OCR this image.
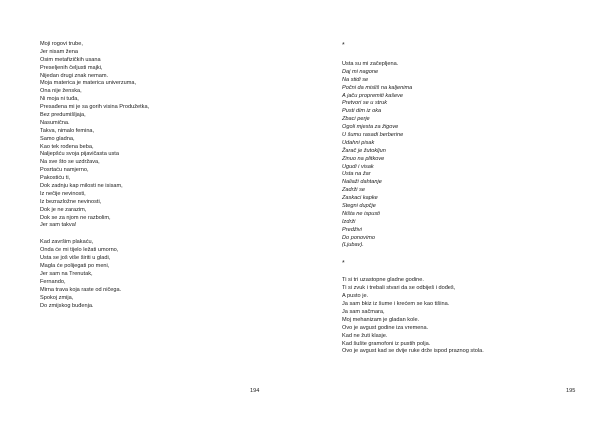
Moji rogovi trube,
Jer nisam žena
Osim metafizičkih usana
Preseljenih čeljusti majki,
Nijedan drugi znak nemam.
Moja materica je materica univerzuma,
Ona nije ženska,
Ni moja ni tuđa,
Presađena mi je sa gorih visina Produžetka,
Bez predumišljaja,
Nasumična.
Takva, nimalo femina,
Samo gladna,
Kao tek rođena beba,
Naljepšću svoja pijavičasta usta
Na sve što se uzdržava,
Posrtaću namjerno,
Pakostiću ti,
Dok zadnju kap milosti ne isisam,
Iz nečije nevinosti,
Iz bezrazložne nevinosti,
Dok je ne zarazim,
Dok se za njom ne razbolim,
Jer sam takva!
Kad završim plakaću,
Onda će mi tijelo ležati umorno,
Usta se još više širiti u gladi,
Magla će polijegati po meni,
Jer sam na Trenutak,
Fernando,
Mirna trava koja raste od ničega.
Spokoj zmija,
Do zmijskog buđenja.
194
*
Usta su mi začepljena.
Daj mi nagone
Na stidi se
Počni da misliš na kaljenima
A jaču propremiti kaševe
Pretvori se u struk
Pusti dim iz oka
Zbaci perje
Ogoli mjesta za žigove
U šumu rasadi berberine
Udahni pisak
Žarač je žutokljun
Zinuo na plitkove
Ugudi i visak
Usta na žar
Naliaži dahtanje
Zadrži se
Zaskaci kapke
Stegni dupčje
Ništa ne ispusti
Izdrži
Predživi
Do ponovimo
(Ljubav).
*
Ti si tri uzastopne gladne godine.
Ti si zvuk i trebali stvari da se odbiješ i dođeš,
A pusto je.
Ja sam bkiz iz šume i krećem se kao tišina.
Ja sam sačmara,
Moj mehanizam je gladan kole.
Ovo je avgust godine iza vremena.
Kad ne žuti klasje.
Kad šušte gramofoni iz pustih polja.
Ovo je avgust kad se dvije ruke drže ispod praznog stola.
195
